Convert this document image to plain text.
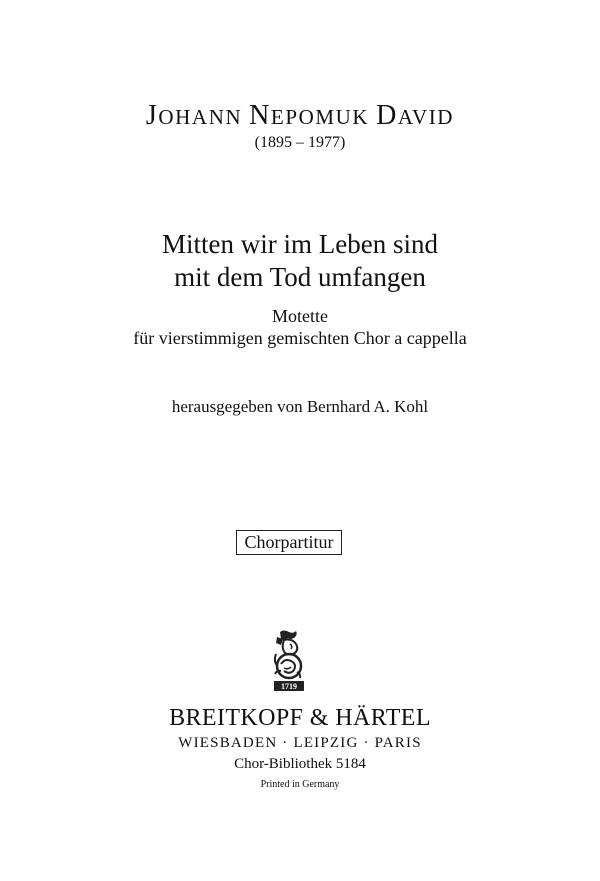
JOHANN NEPOMUK DAVID
(1895 – 1977)
Mitten wir im Leben sind
mit dem Tod umfangen
Motette
für vierstimmigen gemischten Chor a cappella
herausgegeben von Bernhard A. Kohl
Chorpartitur
1719
BREITKOPF & HÄRTEL
WIESBADEN · LEIPZIG · PARIS
Chor-Bibliothek 5184
Printed in Germany
